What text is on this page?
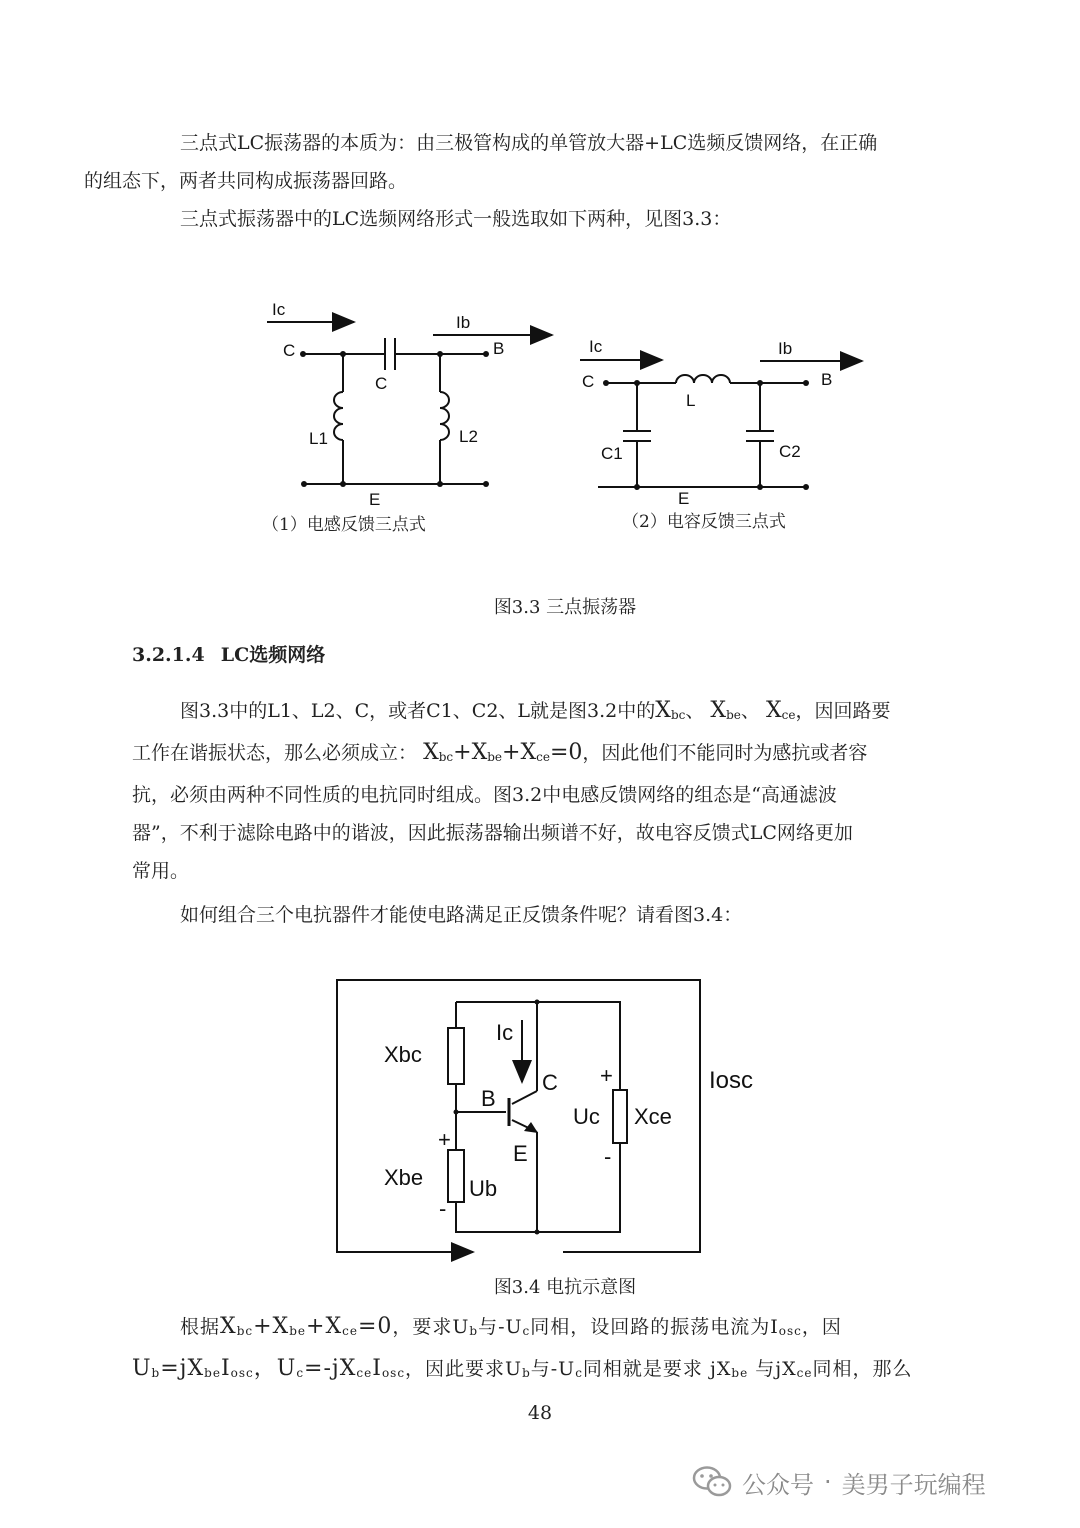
三点式LC振荡器的本质为：由三极管构成的单管放大器+LC选频反馈网络，在正确
的组态下，两者共同构成振荡器回路。

三点式振荡器中的LC选频网络形式一般选取如下两种，见图3.3：

Ic
Ib
C	B
C
L1	L2
E
Ic	Ib
C	B
L
C1	C2
E
（1）电感反馈三点式	（2）电容反馈三点式
图3.3 三点振荡器
3.2.1.4 LC选频网络
图3.3中的L1、L2、C，或者C1、C2、L就是图3.2中的$X_{bc}$、 $X_{be}$、 $X_{ce}$，因回路要
工作在谐振状态，那么必须成立： $X_{bc}+X_{be}+X_{ce}=0$，因此他们不能同时为感抗或者容
抗，必须由两种不同性质的电抗同时组成。图3.2中电感反馈网络的组态是“高通滤波
器”，不利于滤除电路中的谐波，因此振荡器输出频谱不好，故电容反馈式LC网络更加
常用。

如何组合三个电抗器件才能使电路满足正反馈条件呢？请看图3.4：

Xbc
Xbe
Xce
Ic
B
C
E
Ub
Uc
Iosc
+
-
+
-
图3.4 电抗示意图
根据$X_{bc}+X_{be}+X_{ce}=0$，要求$U_b$与$-U_c$同相，设回路的振荡电流为$I_{osc}$，因
$U_b=jX_{be}I_{osc}$，$U_c=-jX_{ce}I_{osc}$，因此要求$U_b$与$-U_c$同相就是要求 $jX_{be}$ 与$jX_{ce}$同相，那么
48
公众号 · 美男子玩编程
